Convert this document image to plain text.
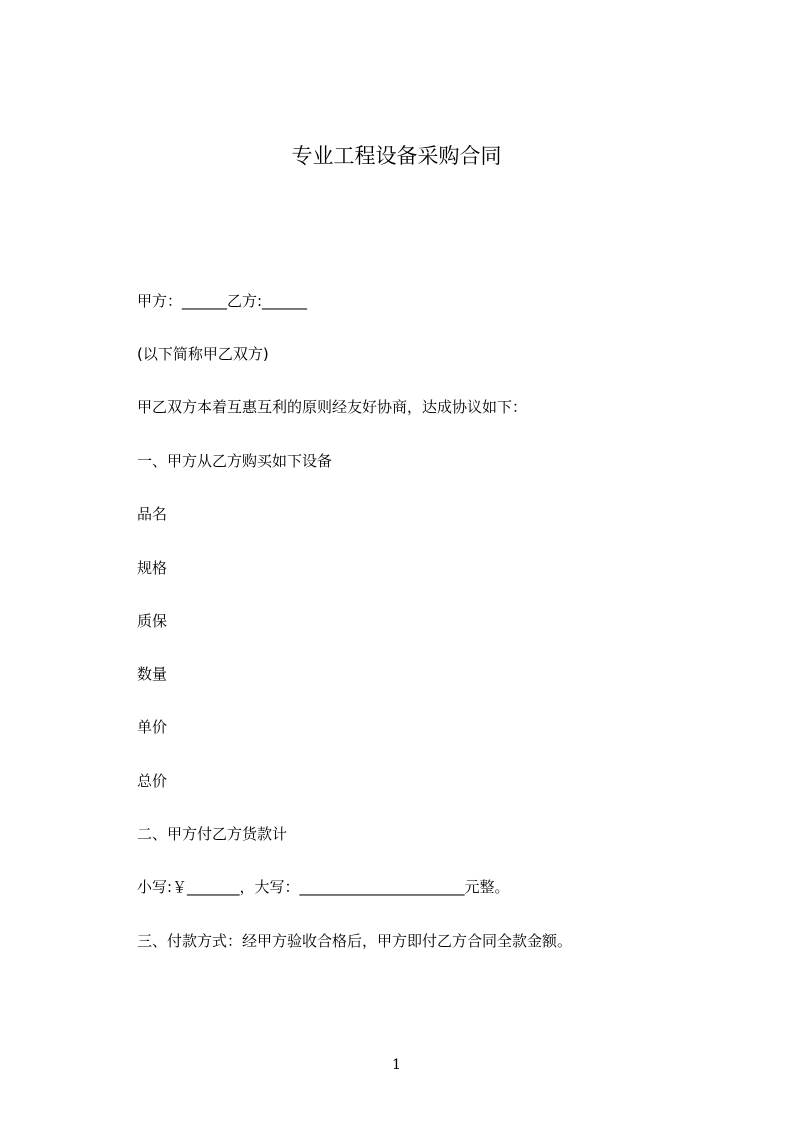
专业工程设备采购合同
甲方：______乙方:______
(以下简称甲乙双方)
甲乙双方本着互惠互利的原则经友好协商，达成协议如下：
一、甲方从乙方购买如下设备
品名
规格
质保
数量
单价
总价
二、甲方付乙方货款计
小写:￥_______，大写：______________________元整。
三、付款方式：经甲方验收合格后，甲方即付乙方合同全款金额。
1
